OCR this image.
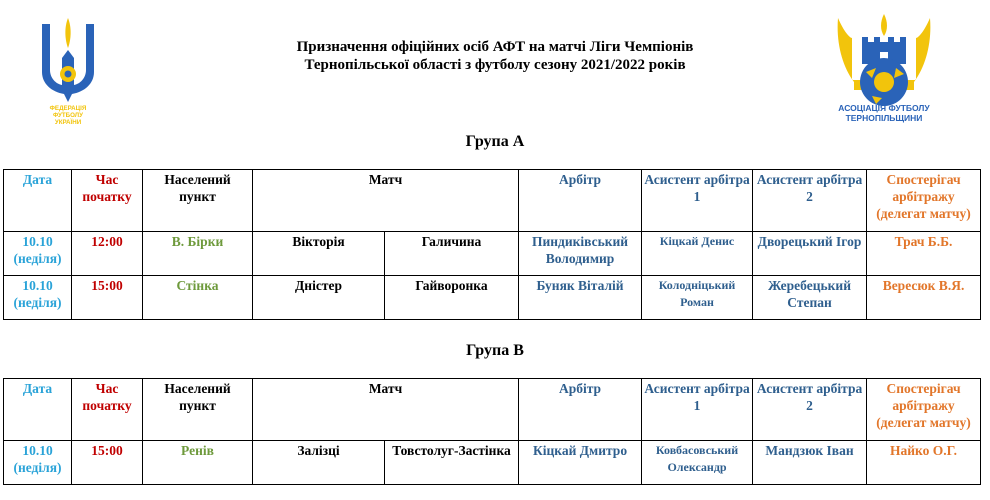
ФЕДЕРАЦІЯ
ФУТБОЛУ
УКРАЇНИ
АСОЦІАЦІЯ ФУТБОЛУ
ТЕРНОПІЛЬЩИНИ
Призначення офіційних осіб АФТ на матчі Ліги Чемпіонів
Тернопільської області з футболу сезону 2021/2022 років
Група А
Дата	Час початку	Населений пункт	Матч		Арбітр	Асистент арбітра 1	Асистент арбітра 2	Спостерігач арбітражу (делегат матчу)
10.10 (неділя)	12:00	В. Бірки	Вікторія	Галичина	Пиндиківський Володимир	Кіцкай Денис	Дворецький Ігор	Трач Б.Б.
10.10 (неділя)	15:00	Стінка	Дністер	Гайворонка	Буняк Віталій	Колодніцький Роман	Жеребецький Степан	Вересюк В.Я.
Група В
Дата	Час початку	Населений пункт	Матч		Арбітр	Асистент арбітра 1	Асистент арбітра 2	Спостерігач арбітражу (делегат матчу)
10.10 (неділя)	15:00	Ренів	Залізці	Товстолуг-Застінка	Кіцкай Дмитро	Ковбасовський Олександр	Мандзюк Іван	Найко О.Г.
